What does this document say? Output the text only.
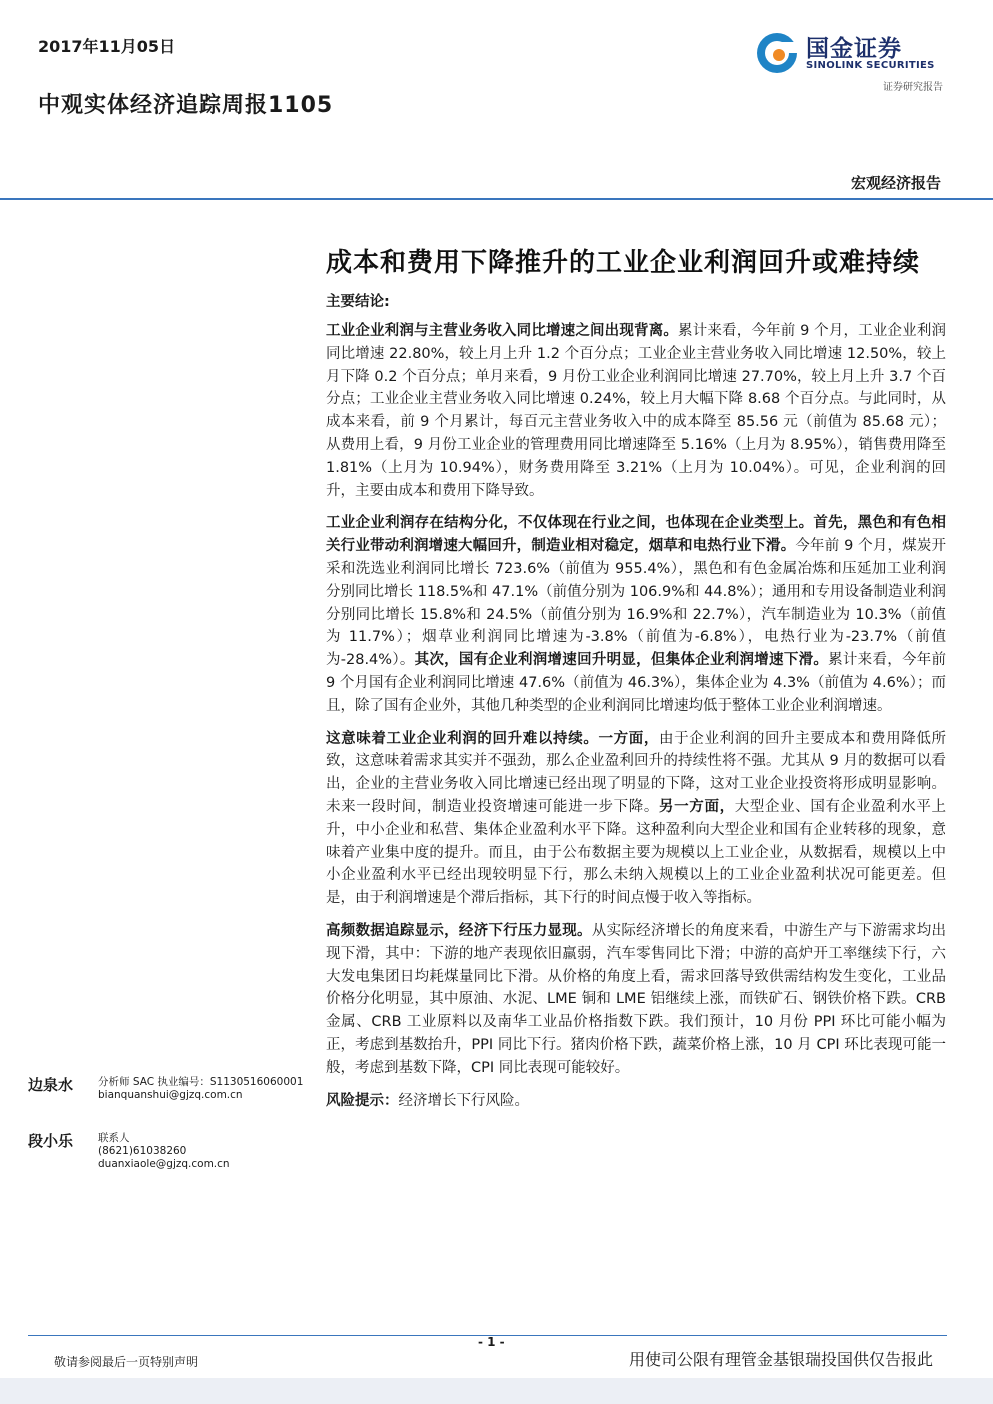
2017年11月05日
中观实体经济追踪周报1105
国金证券
SINOLINK SECURITIES
证券研究报告
宏观经济报告
成本和费用下降推升的工业企业利润回升或难持续
主要结论:

工业企业利润与主营业务收入同比增速之间出现背离。累计来看，今年前 9 个月，工业企业利润同比增速 22.80%，较上月上升 1.2 个百分点；工业企业主营业务收入同比增速 12.50%，较上月下降 0.2 个百分点；单月来看，9 月份工业企业利润同比增速 27.70%，较上月上升 3.7 个百分点；工业企业主营业务收入同比增速 0.24%，较上月大幅下降 8.68 个百分点。与此同时，从成本来看，前 9 个月累计，每百元主营业务收入中的成本降至 85.56 元（前值为 85.68 元）；从费用上看，9 月份工业企业的管理费用同比增速降至 5.16%（上月为 8.95%），销售费用降至 1.81%（上月为 10.94%），财务费用降至 3.21%（上月为 10.04%）。可见，企业利润的回升，主要由成本和费用下降导致。

工业企业利润存在结构分化，不仅体现在行业之间，也体现在企业类型上。首先，黑色和有色相关行业带动利润增速大幅回升，制造业相对稳定，烟草和电热行业下滑。今年前 9 个月，煤炭开采和洗选业利润同比增长 723.6%（前值为 955.4%），黑色和有色金属冶炼和压延加工业利润分别同比增长 118.5%和 47.1%（前值分别为 106.9%和 44.8%）；通用和专用设备制造业利润分别同比增长 15.8%和 24.5%（前值分别为 16.9%和 22.7%），汽车制造业为 10.3%（前值为 11.7%）；烟草业利润同比增速为-3.8%（前值为-6.8%），电热行业为-23.7%（前值为-28.4%）。其次，国有企业利润增速回升明显，但集体企业利润增速下滑。累计来看，今年前 9 个月国有企业利润同比增速 47.6%（前值为 46.3%），集体企业为 4.3%（前值为 4.6%）；而且，除了国有企业外，其他几种类型的企业利润同比增速均低于整体工业企业利润增速。

这意味着工业企业利润的回升难以持续。一方面，由于企业利润的回升主要成本和费用降低所致，这意味着需求其实并不强劲，那么企业盈利回升的持续性将不强。尤其从 9 月的数据可以看出，企业的主营业务收入同比增速已经出现了明显的下降，这对工业企业投资将形成明显影响。未来一段时间，制造业投资增速可能进一步下降。另一方面，大型企业、国有企业盈利水平上升，中小企业和私营、集体企业盈利水平下降。这种盈利向大型企业和国有企业转移的现象，意味着产业集中度的提升。而且，由于公布数据主要为规模以上工业企业，从数据看，规模以上中小企业盈利水平已经出现较明显下行，那么未纳入规模以上的工业企业盈利状况可能更差。但是，由于利润增速是个滞后指标，其下行的时间点慢于收入等指标。

高频数据追踪显示，经济下行压力显现。从实际经济增长的角度来看，中游生产与下游需求均出现下滑，其中：下游的地产表现依旧羸弱，汽车零售同比下滑；中游的高炉开工率继续下行，六大发电集团日均耗煤量同比下滑。从价格的角度上看，需求回落导致供需结构发生变化，工业品价格分化明显，其中原油、水泥、LME 铜和 LME 铝继续上涨，而铁矿石、钢铁价格下跌。CRB 金属、CRB 工业原料以及南华工业品价格指数下跌。我们预计，10 月份 PPI 环比可能小幅为正，考虑到基数抬升，PPI 同比下行。猪肉价格下跌，蔬菜价格上涨，10 月 CPI 环比表现可能一般，考虑到基数下降，CPI 同比表现可能较好。

风险提示：经济增长下行风险。

边泉水 分析师 SAC 执业编号：S1130516060001
bianquanshui@gjzq.com.cn
段小乐 联系人
(8621)61038260
duanxiaole@gjzq.com.cn
- 1 -
敬请参阅最后一页特别声明	用使司公限有理管金基银瑞投国供仅告报此
